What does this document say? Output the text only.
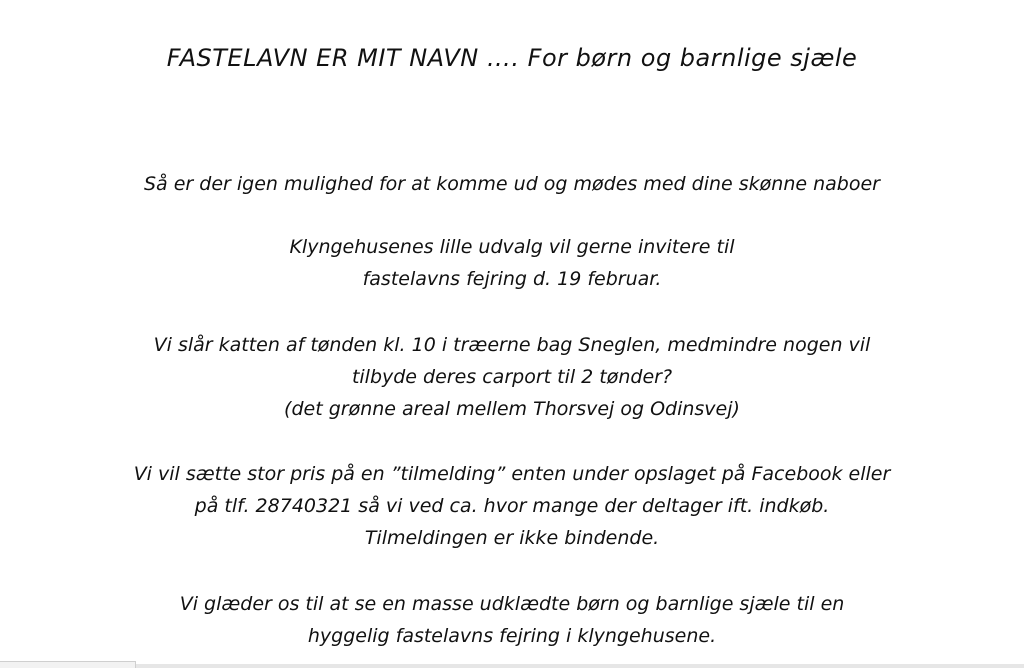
FASTELAVN ER MIT NAVN …. For børn og barnlige sjæle
Så er der igen mulighed for at komme ud og mødes med dine skønne naboer
Klyngehusenes lille udvalg vil gerne invitere til
fastelavns fejring d. 19 februar.
Vi slår katten af tønden kl. 10 i træerne bag Sneglen, medmindre nogen vil
tilbyde deres carport til 2 tønder?
(det grønne areal mellem Thorsvej og Odinsvej)
Vi vil sætte stor pris på en ”tilmelding” enten under opslaget på Facebook eller
på tlf. 28740321 så vi ved ca. hvor mange der deltager ift. indkøb.
Tilmeldingen er ikke bindende.
Vi glæder os til at se en masse udklædte børn og barnlige sjæle til en
hyggelig fastelavns fejring i klyngehusene.
